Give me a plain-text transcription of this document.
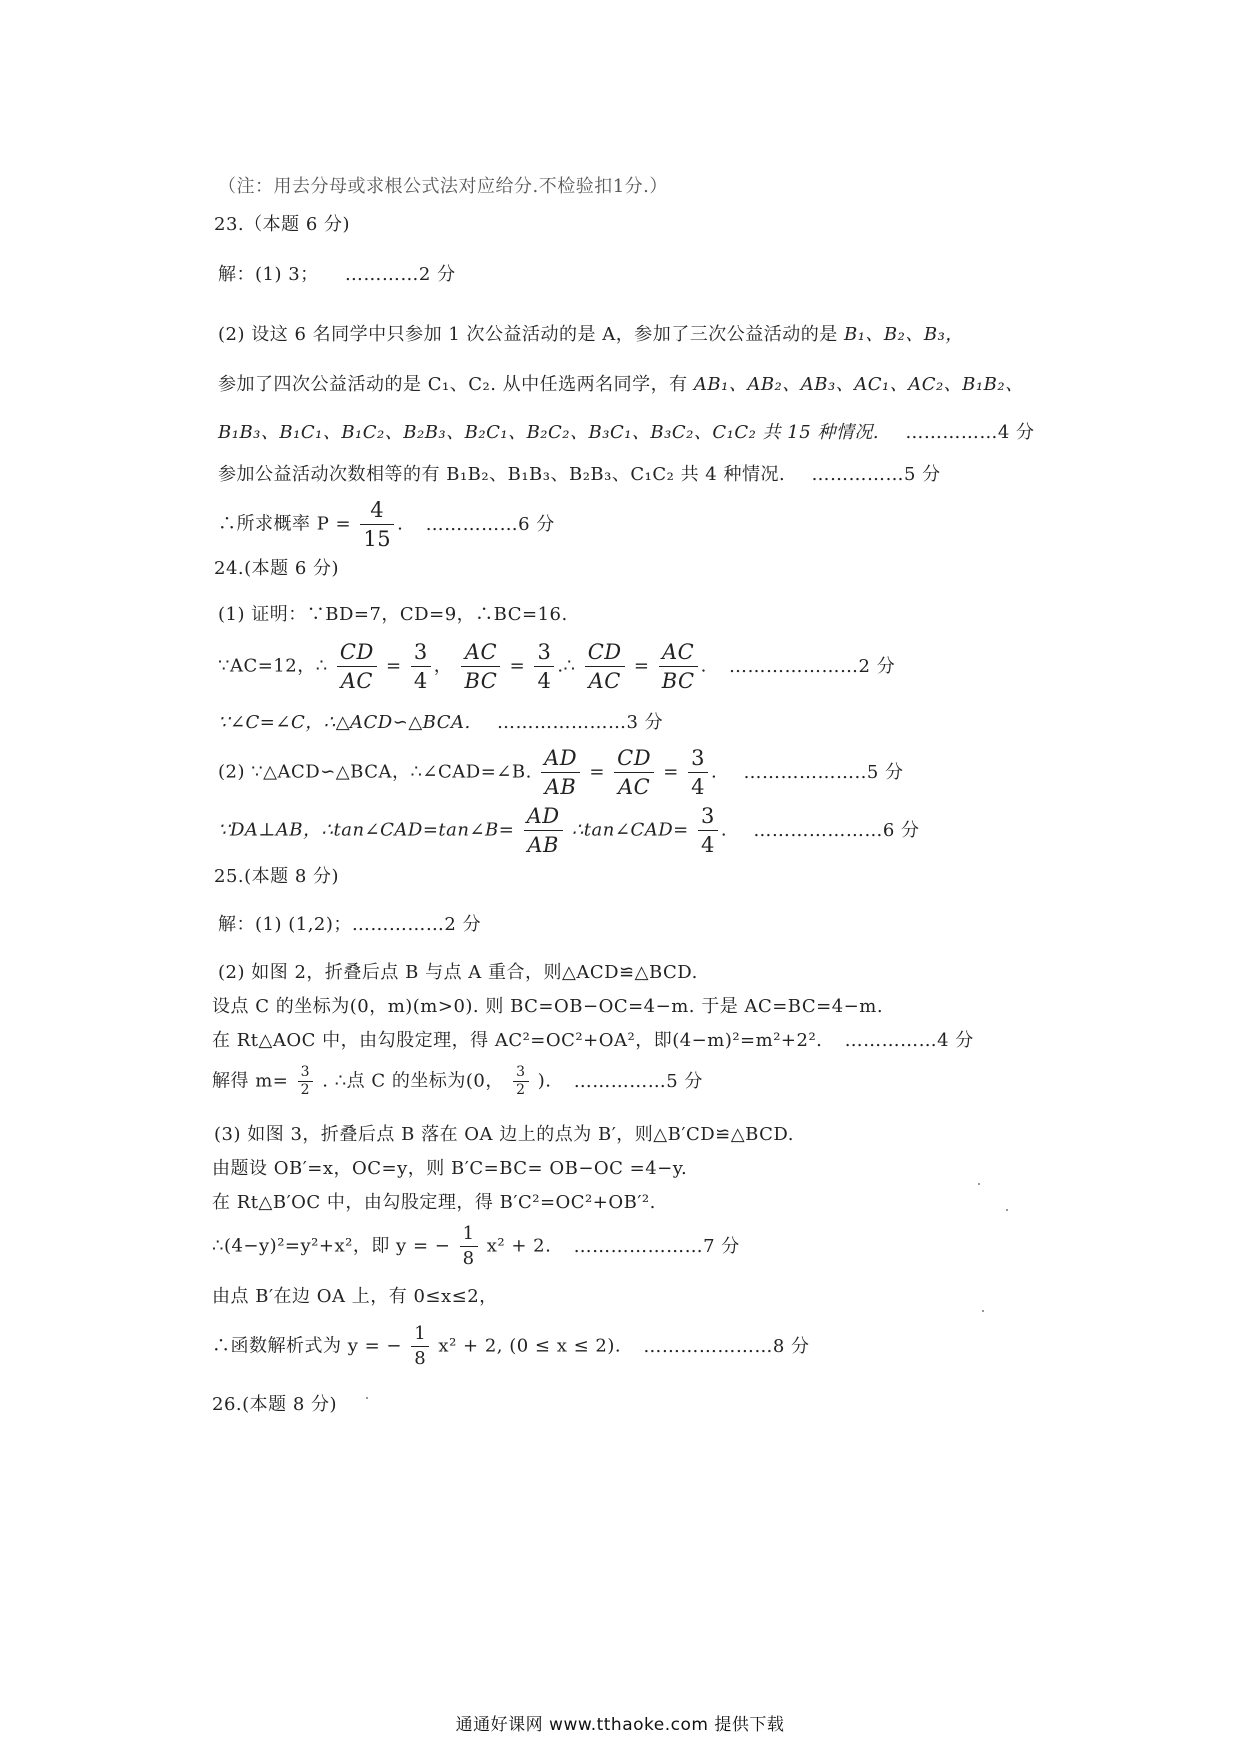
（注：用去分母或求根公式法对应给分.不检验扣1分.）
23.（本题 6 分)
解：(1) 3； …………2 分
(2) 设这 6 名同学中只参加 1 次公益活动的是 A，参加了三次公益活动的是 B₁、B₂、B₃，
参加了四次公益活动的是 C₁、C₂. 从中任选两名同学，有 AB₁、AB₂、AB₃、AC₁、AC₂、B₁B₂、
B₁B₃、B₁C₁、B₁C₂、B₂B₃、B₂C₁、B₂C₂、B₃C₁、B₃C₂、C₁C₂ 共 15 种情况. ……………4 分
参加公益活动次数相等的有 B₁B₂、B₁B₃、B₂B₃、C₁C₂ 共 4 种情况. ……………5 分
∴所求概率 $P = \frac{4}{15}$ . ……………6 分
24.(本题 6 分)
(1) 证明：∵BD=7，CD=9，∴BC=16.
∵AC=12，∴ $\frac{CD}{AC} = \frac{3}{4}$ ， $\frac{AC}{BC} = \frac{3}{4}$ .∴ $\frac{CD}{AC} = \frac{AC}{BC}$ . …………………2 分
∵∠C=∠C，∴△ACD∽△BCA. …………………3 分
(2) ∵△ACD∽△BCA，∴∠CAD=∠B. $\frac{AD}{AB} = \frac{CD}{AC} = \frac{3}{4}$ . ………………..5 分
∵DA⊥AB，∴tan∠CAD=tan∠B= $\frac{AD}{AB}$ ∴tan∠CAD= $\frac{3}{4}$ . …………………6 分
25.(本题 8 分)
解：(1) (1,2)；……………2 分
(2) 如图 2，折叠后点 B 与点 A 重合，则△ACD≌△BCD.
设点 C 的坐标为(0，m)(m>0). 则 BC=OB−OC=4−m. 于是 AC=BC=4−m.
在 Rt△AOC 中，由勾股定理，得 AC²=OC²+OA²，即(4−m)²=m²+2². ……………4 分
解得 $m= \frac{3}{2}$ . ∴点 C 的坐标为(0， $\frac{3}{2}$ ). ……………5 分
(3) 如图 3，折叠后点 B 落在 OA 边上的点为 B′，则△B′CD≌△BCD.
由题设 OB′=x，OC=y，则 B′C=BC= OB−OC =4−y.
在 Rt△B′OC 中，由勾股定理，得 B′C²=OC²+OB′².
∴(4−y)²=y²+x²，即 y = − $\frac{1}{8} x^2 + 2$. …………………7 分
由点 B′在边 OA 上，有 0≤x≤2，
∴函数解析式为 y = − $\frac{1}{8} x^2 + 2$, (0 ≤ x ≤ 2). …………………8 分
26.(本题 8 分)
通通好课网 www.tthaoke.com 提供下载
